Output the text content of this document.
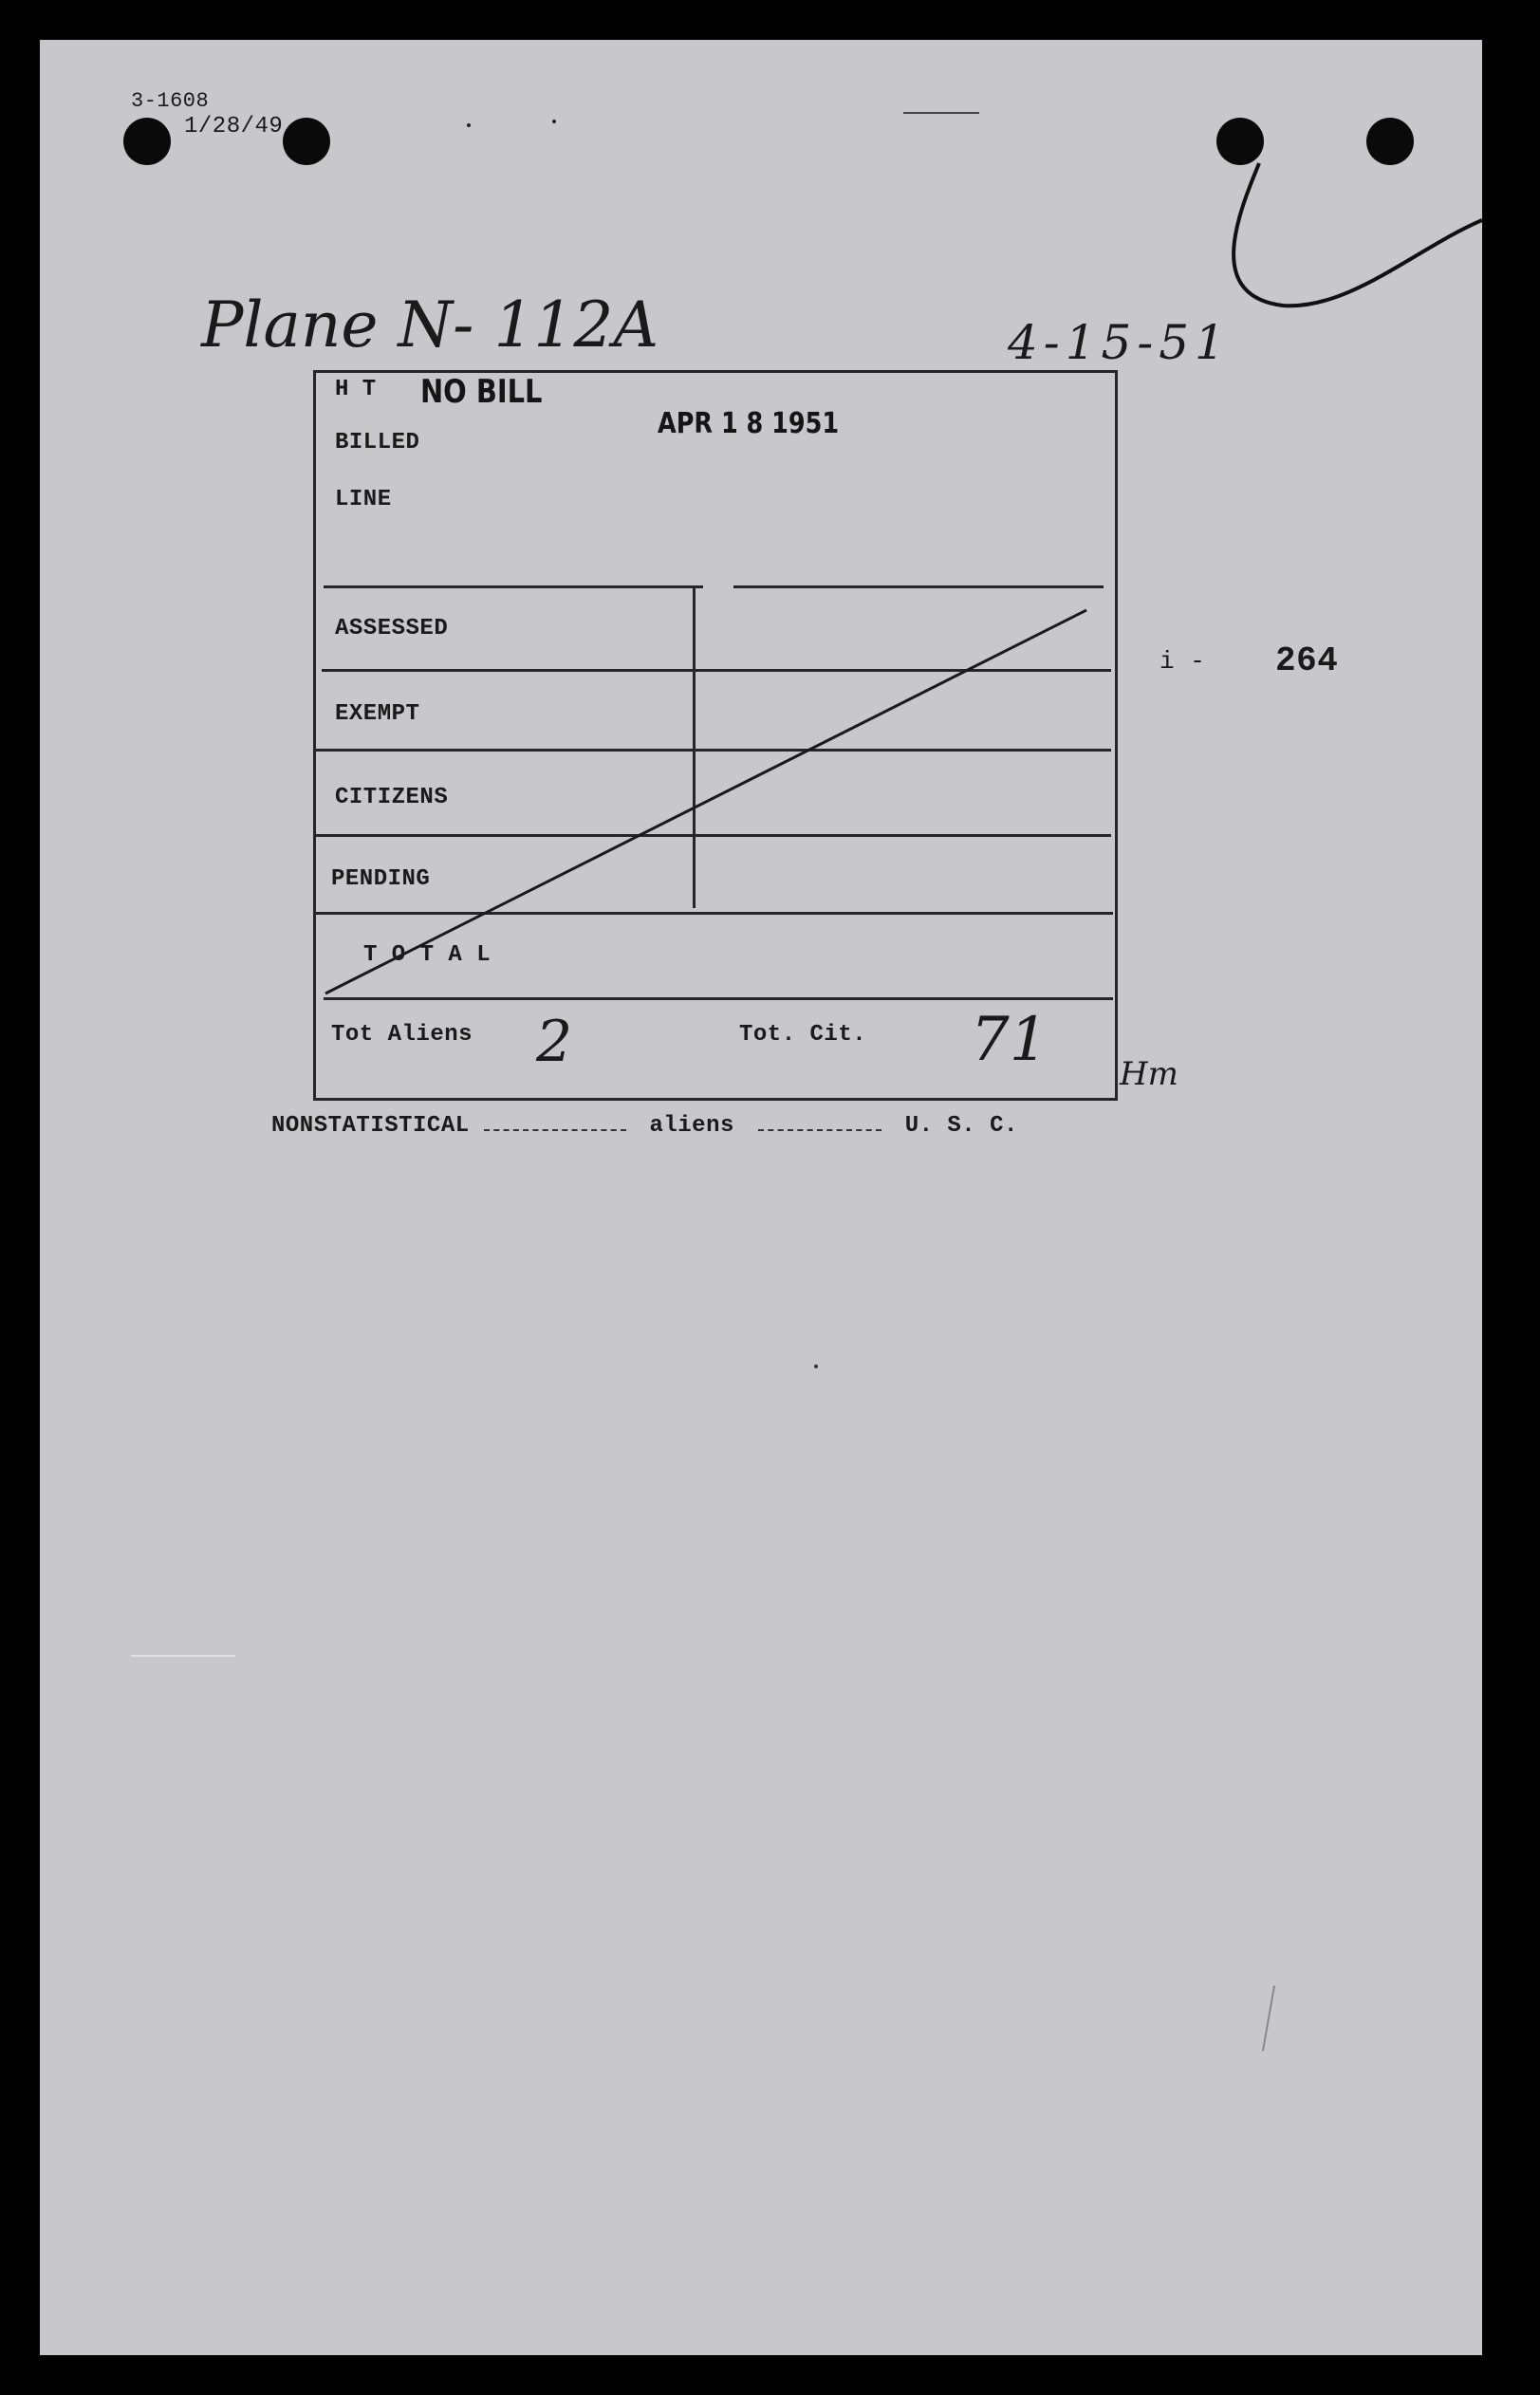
3-1608
1/28/49
Plane N- 112A	4-15-51
H T NO BILL
APR 1 8 1951
BILLED
LINE
ASSESSED
EXEMPT
CITIZENS
PENDING
T O T A L
Tot Aliens 2	Tot. Cit. 71 Hm
i - 264
NONSTATISTICAL	aliens	U. S. C.
